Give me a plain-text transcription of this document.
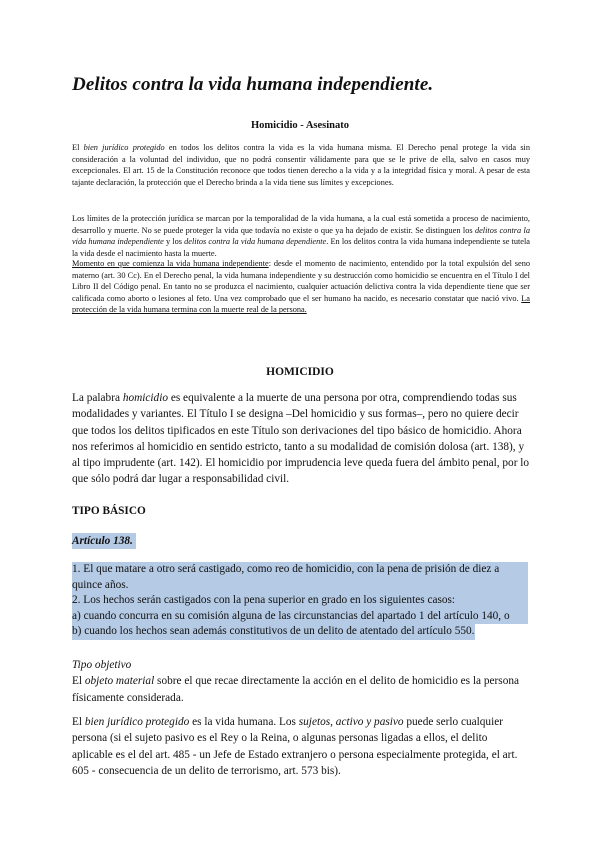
Delitos contra la vida humana independiente.
Homicidio - Asesinato
El bien jurídico protegido en todos los delitos contra la vida es la vida humana misma. El Derecho penal protege la vida sin consideración a la voluntad del individuo, que no podrá consentir válidamente para que se le prive de ella, salvo en casos muy excepcionales. El art. 15 de la Constitución reconoce que todos tienen derecho a la vida y a la integridad física y moral. A pesar de esta tajante declaración, la protección que el Derecho brinda a la vida tiene sus límites y excepciones.
Los límites de la protección jurídica se marcan por la temporalidad de la vida humana, a la cual está sometida a proceso de nacimiento, desarrollo y muerte. No se puede proteger la vida que todavía no existe o que ya ha dejado de existir. Se distinguen los delitos contra la vida humana independiente y los delitos contra la vida humana dependiente. En los delitos contra la vida humana independiente se tutela la vida desde el nacimiento hasta la muerte.
Momento en que comienza la vida humana independiente: desde el momento de nacimiento, entendido por la total expulsión del seno materno (art. 30 Cc). En el Derecho penal, la vida humana independiente y su destrucción como homicidio se encuentra en el Título I del Libro II del Código penal. En tanto no se produzca el nacimiento, cualquier actuación delictiva contra la vida dependiente tiene que ser calificada como aborto o lesiones al feto. Una vez comprobado que el ser humano ha nacido, es necesario constatar que nació vivo. La protección de la vida humana termina con la muerte real de la persona.
HOMICIDIO
La palabra homicidio es equivalente a la muerte de una persona por otra, comprendiendo todas sus modalidades y variantes. El Título I se designa –Del homicidio y sus formas–, pero no quiere decir que todos los delitos tipificados en este Título son derivaciones del tipo básico de homicidio. Ahora nos referimos al homicidio en sentido estricto, tanto a su modalidad de comisión dolosa (art. 138), y al tipo imprudente (art. 142). El homicidio por imprudencia leve queda fuera del ámbito penal, por lo que sólo podrá dar lugar a responsabilidad civil.
TIPO BÁSICO
Artículo 138.
1. El que matare a otro será castigado, como reo de homicidio, con la pena de prisión de diez a quince años.
2. Los hechos serán castigados con la pena superior en grado en los siguientes casos:
a) cuando concurra en su comisión alguna de las circunstancias del apartado 1 del artículo 140, o
b) cuando los hechos sean además constitutivos de un delito de atentado del artículo 550.
Tipo objetivo
El objeto material sobre el que recae directamente la acción en el delito de homicidio es la persona físicamente considerada.
El bien jurídico protegido es la vida humana. Los sujetos, activo y pasivo puede serlo cualquier persona (si el sujeto pasivo es el Rey o la Reina, o algunas personas ligadas a ellos, el delito aplicable es el del art. 485 - un Jefe de Estado extranjero o persona especialmente protegida, el art. 605 - consecuencia de un delito de terrorismo, art. 573 bis).
